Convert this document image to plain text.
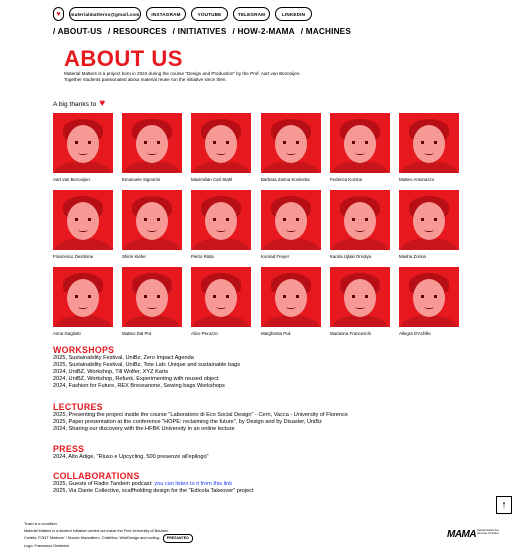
♥	materialmatterss@gmail.com	INSTAGRAM	YOUTUBE	TELEGRAM	LINKEDIN
/ ABOUT-US / RESOURCES / INITIATIVES / HOW-2-MAMA / MACHINES
ABOUT US
Material Matters is a project born in 2024 during the course "Design and Production" by the Prof. Aart van Bezooijen.
Together students passionated about material reuse run the initiative since then.
A big thanks to ♥
Aart van Bezooijen	Emanuele Signorini	Maximilian Carl Stahl	Barbara Zarina Konlecka	Federica Kozma	Matteo Antonazzo
Francesco Destmine	Shirin Kiefer	Pietro Rista	Konrad Freyer	Karola Ujlaki Orsolya	Masha Zorina
Anna Gagliotti	Matteo Dal Pra	Alice Peruzzo	Margherita Poli	Marianna Franceschi	Allegra D'Achille
WORKSHOPS
2025, Sustainability Festival, UniBz, Zero Impact Agenda
2025, Sustainability Festival, UniBz, Tote Lab: Unique and sustainable bags
2024, UniBZ, Workshop, Till Wolfer, XYZ Karts
2024, UniBZ, Workshop, Refunk, Experimenting with reused object
2024, Fashion for Future, REX Bressanone, Sewing bags Workshops
LECTURES
2025, Presenting the project inside the course "Laboratorio di Eco Social Design" - Cerri, Vacca - University of Florence
2025, Paper presentation at the conference "HOPE: reclaiming the future", by Design and by Disaster, UniBz
2024, Sharing our discovery with the HFBK University in an online lecture
PRESS
2024, Alto Adige, "Riuso e Upcycling, 500 presenze all'epilogo"
COLLABORATIONS
2025, Guests of Radio Tandem podcast: you can listen to it from this link
2025, Via Dante Collective, scaffholding design for the "Edicola Takeover" project
↑
Trash is a condition.
Material Matters is a student initiative carried out inside the Free University of Bolzano
Credits: FONT 'Mattone' / Nunzio Mazzaferro, Collettivo; WebDesign and coding: PREZANTEO
Logo: Francesco Destmine
MAMA material matters free university of bolzano
